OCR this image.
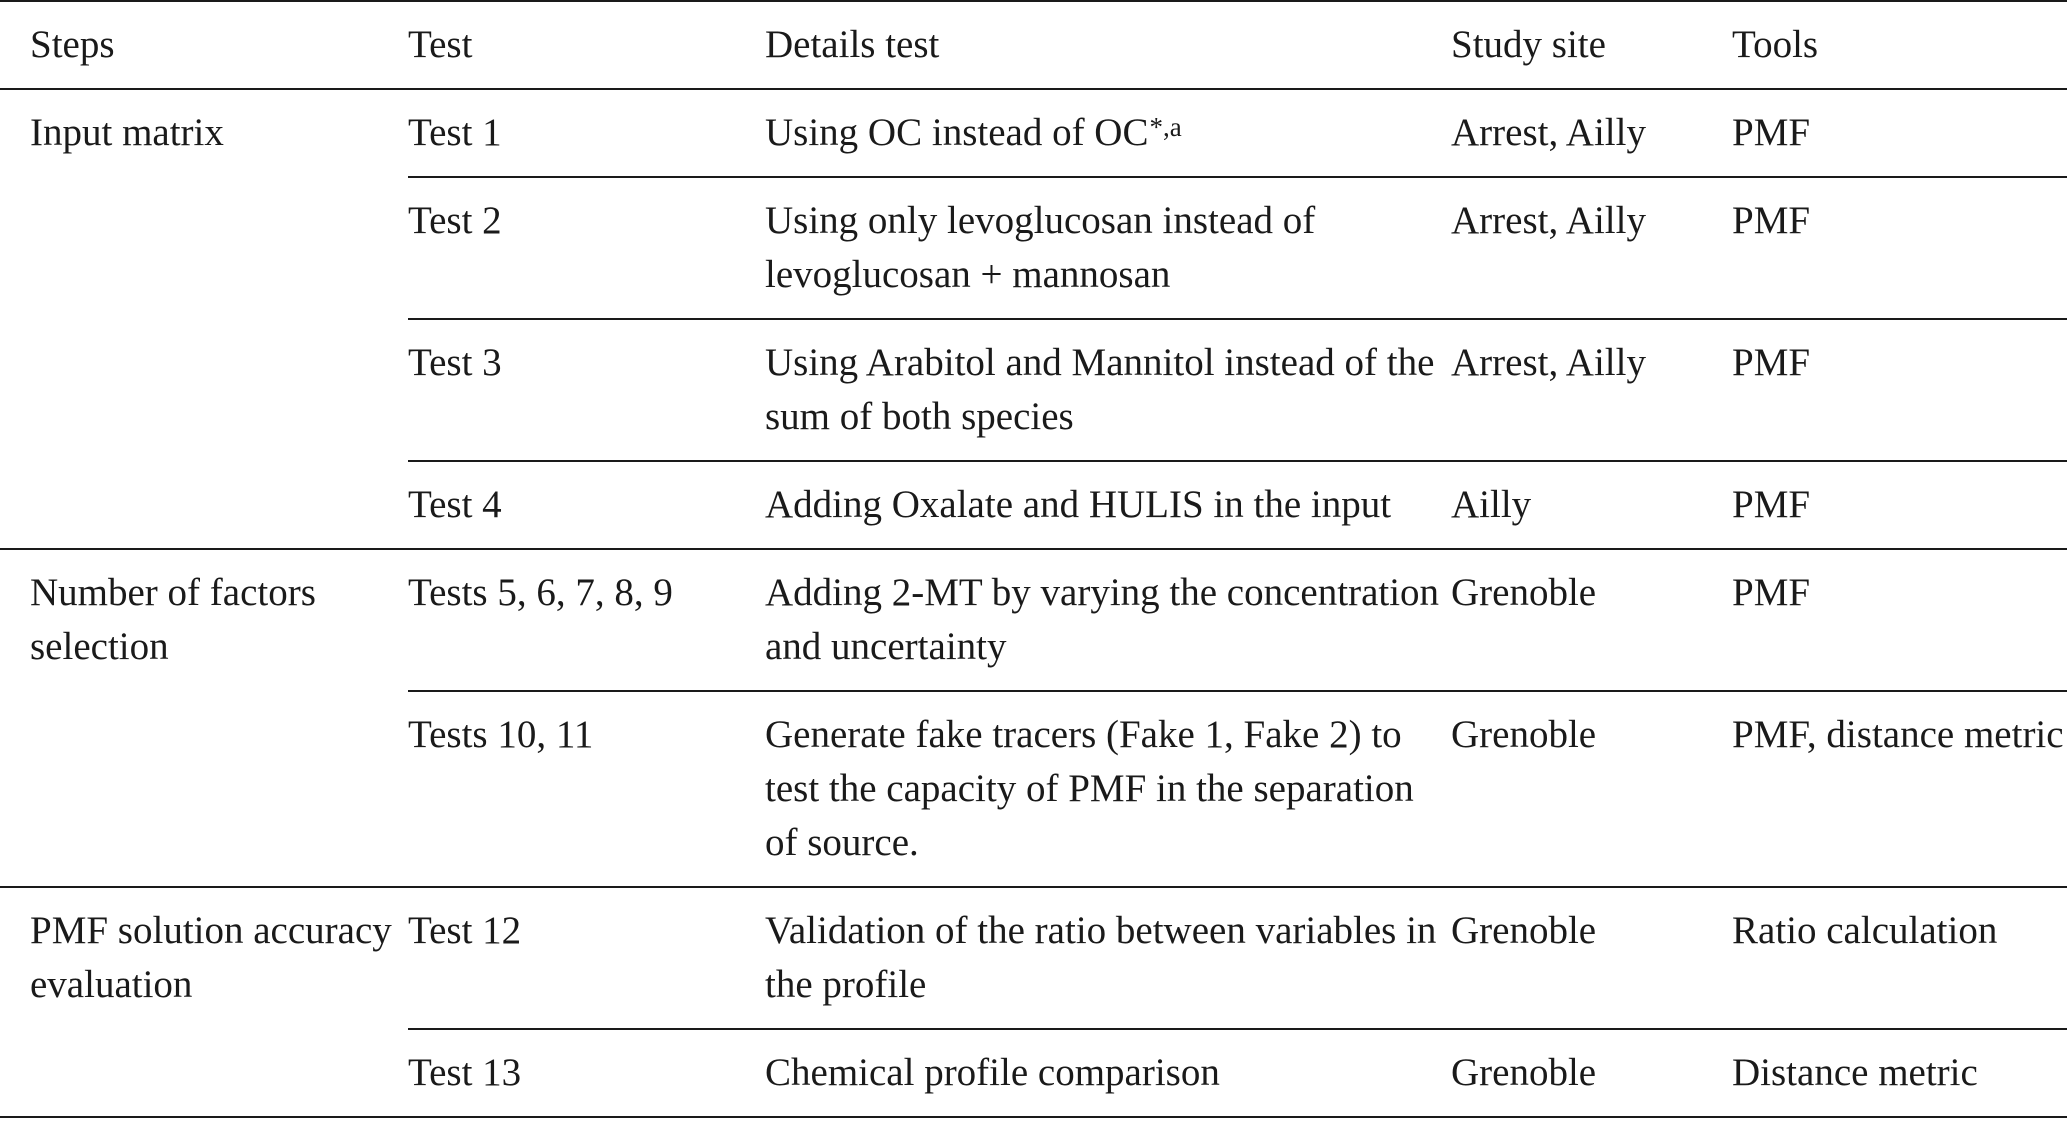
Steps	Test	Details test	Study site	Tools
Input matrix	Test 1	Using OC instead of $OC^{*,a}$	Arrest, Ailly	PMF
	Test 2	Using only levoglucosan instead of levoglucosan + mannosan	Arrest, Ailly	PMF
	Test 3	Using Arabitol and Mannitol instead of the sum of both species	Arrest, Ailly	PMF
	Test 4	Adding Oxalate and HULIS in the input	Ailly	PMF
Number of factors selection	Tests 5, 6, 7, 8, 9	Adding 2-MT by varying the concentration and uncertainty	Grenoble	PMF
	Tests 10, 11	Generate fake tracers (Fake 1, Fake 2) to test the capacity of PMF in the separation of source.	Grenoble	PMF, distance metric
PMF solution accuracy evaluation	Test 12	Validation of the ratio between variables in the profile	Grenoble	Ratio calculation
	Test 13	Chemical profile comparison	Grenoble	Distance metric
